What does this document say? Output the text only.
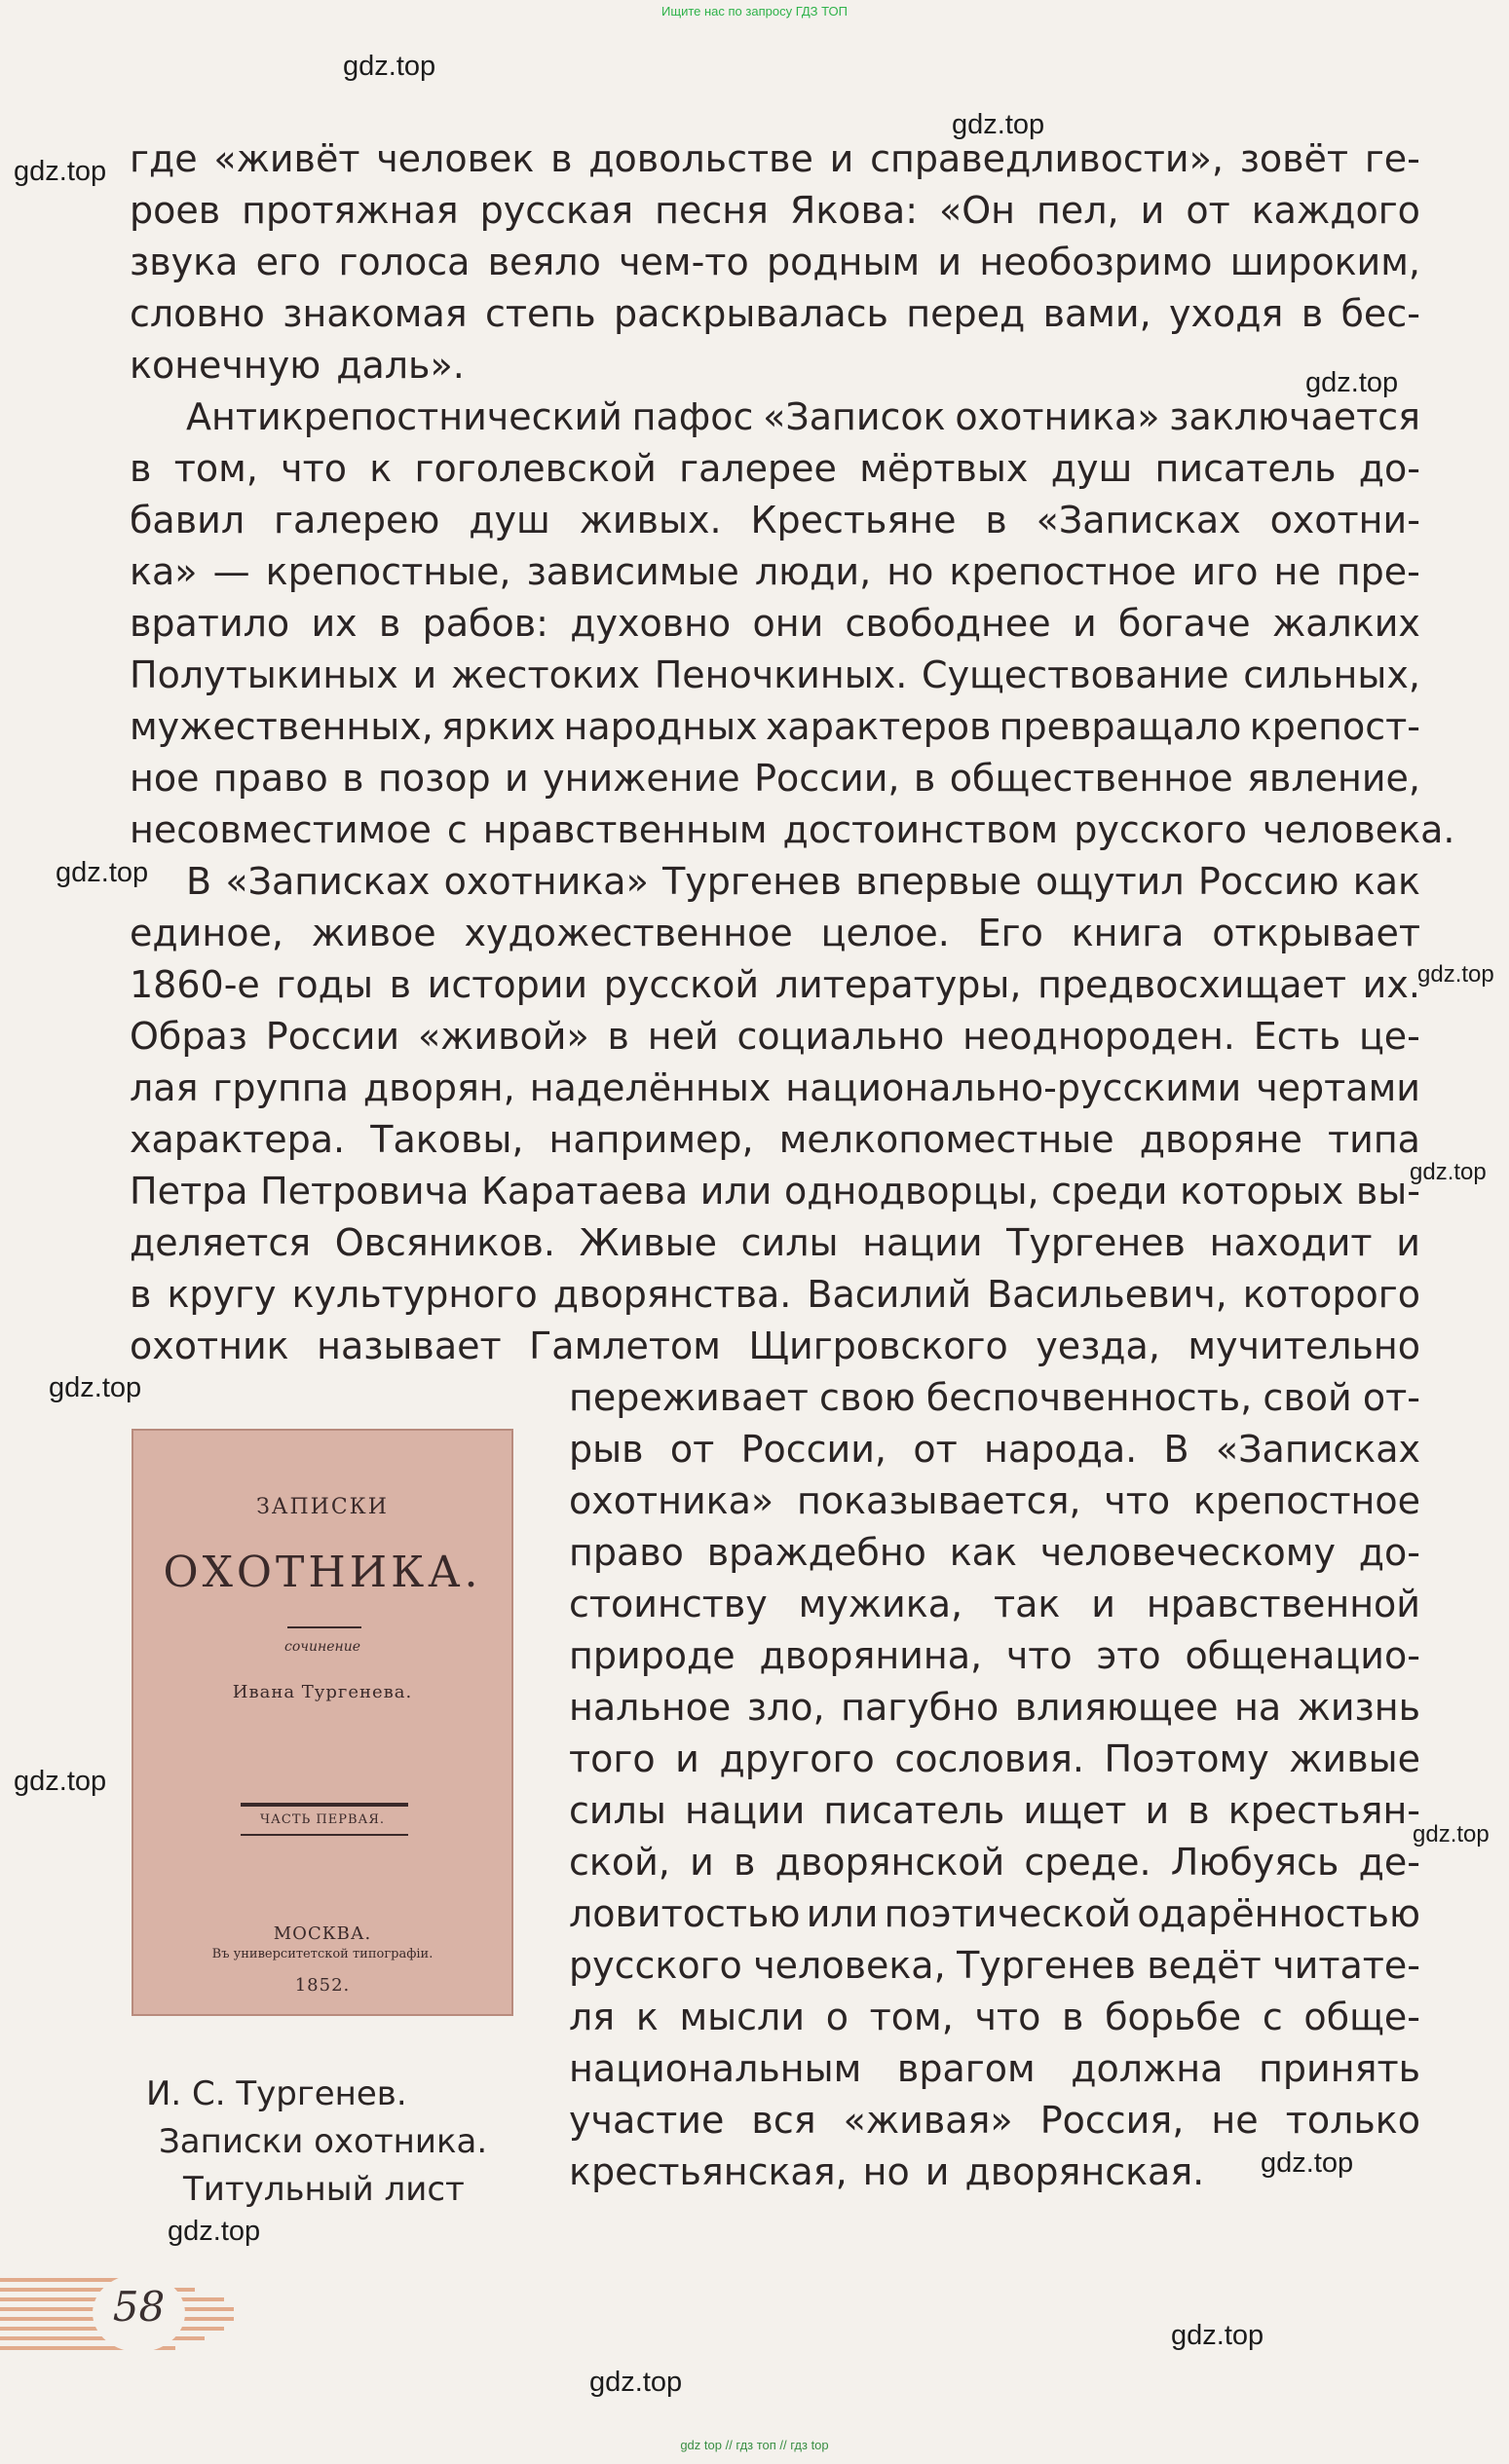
Ищите нас по запросу ГДЗ ТОП
gdz.top
gdz.top
gdz.top
gdz.top
gdz.top
gdz.top
gdz.top
gdz.top
gdz.top
gdz.top
gdz.top
gdz.top
gdz.top
gdz.top
где «живёт человек в довольстве и справедливости», зовёт ге-
роев протяжная русская песня Якова: «Он пел, и от каждого
звука его голоса веяло чем-то родным и необозримо широким,
словно знакомая степь раскрывалась перед вами, уходя в бес-
конечную даль».
Антикрепостнический пафос «Записок охотника» заключается
в том, что к гоголевской галерее мёртвых душ писатель до-
бавил галерею душ живых. Крестьяне в «Записках охотни-
ка» — крепостные, зависимые люди, но крепостное иго не пре-
вратило их в рабов: духовно они свободнее и богаче жалких
Полутыкиных и жестоких Пеночкиных. Существование сильных,
мужественных, ярких народных характеров превращало крепост-
ное право в позор и унижение России, в общественное явление,
несовместимое с нравственным достоинством русского человека.
В «Записках охотника» Тургенев впервые ощутил Россию как
единое, живое художественное целое. Его книга открывает
1860-е годы в истории русской литературы, предвосхищает их.
Образ России «живой» в ней социально неоднороден. Есть це-
лая группа дворян, наделённых национально-русскими чертами
характера. Таковы, например, мелкопоместные дворяне типа
Петра Петровича Каратаева или однодворцы, среди которых вы-
деляется Овсяников. Живые силы нации Тургенев находит и
в кругу культурного дворянства. Василий Васильевич, которого
охотник называет Гамлетом Щигровского уезда, мучительно
переживает свою беспочвенность, свой от-
рыв от России, от народа. В «Записках
охотника» показывается, что крепостное
право враждебно как человеческому до-
стоинству мужика, так и нравственной
природе дворянина, что это общенацио-
нальное зло, пагубно влияющее на жизнь
того и другого сословия. Поэтому живые
силы нации писатель ищет и в крестьян-
ской, и в дворянской среде. Любуясь де-
ловитостью или поэтической одарённостью
русского человека, Тургенев ведёт читате-
ля к мысли о том, что в борьбе с обще-
национальным врагом должна принять
участие вся «живая» Россия, не только
крестьянская, но и дворянская.
ЗАПИСКИ
ОХОТНИКА.
сочинение
Ивана Тургенева.
ЧАСТЬ ПЕРВАЯ.
МОСКВА.
Въ университетской типографіи.
1852.
И. С. Тургенев.
Записки охотника.
Титульный лист
58
gdz top // гдз топ // гдз top
